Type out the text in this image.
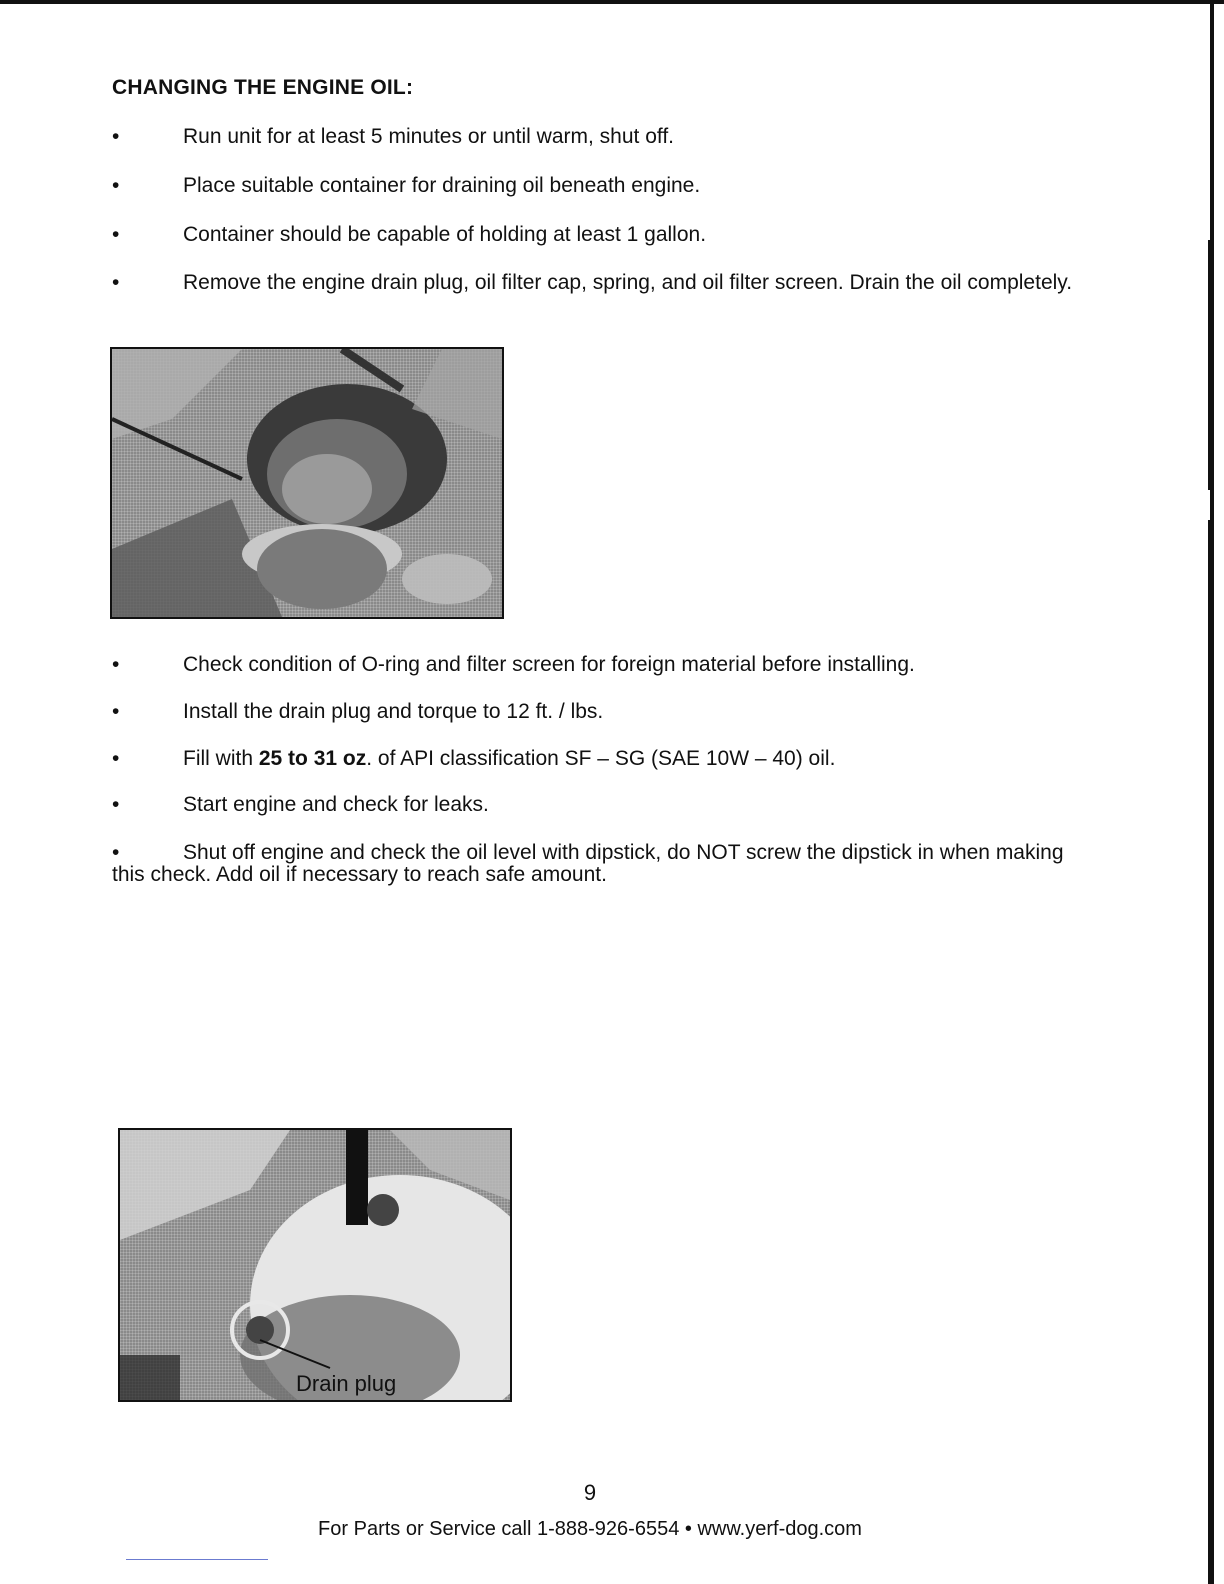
CHANGING THE ENGINE OIL:
•	Run unit for at least 5 minutes or until warm, shut off.
•	Place suitable container for draining oil beneath engine.
•	Container should be capable of holding at least 1 gallon.
•	Remove the engine drain plug, oil filter cap, spring, and oil filter screen. Drain the oil completely.
•	Check condition of O-ring and filter screen for foreign material before installing.
•	Install the drain plug and torque to 12 ft. / lbs.
•	Fill with 25 to 31 oz. of API classification SF – SG (SAE 10W – 40) oil.
•	Start engine and check for leaks.
•	Shut off engine and check the oil level with dipstick, do NOT screw the dipstick in when making this check. Add oil if necessary to reach safe amount.
Drain plug
9
For Parts or Service call 1-888-926-6554 • www.yerf-dog.com
